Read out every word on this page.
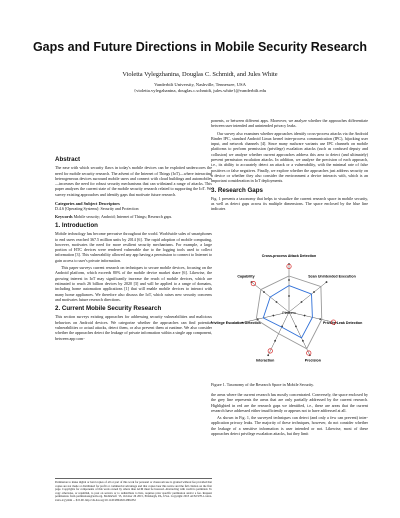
Gaps and Future Directions in Mobile Security Research
Violetta Vylegzhanina, Douglas C. Schmidt, and Jules White
Vanderbilt University, Nashville, Tennessee, USA
{violetta.vylegzhanina, douglas.c.schmidt, jules.white}@vanderbilt.edu
Abstract

The ease with which security flaws in today's mobile devices can be exploited underscores the need for mobile security research. The advent of the Internet of Things (IoT)—where interacting heterogeneous devices surround mobile users and connect with cloud buildings and automobiles—increases the need for robust security mechanisms that can withstand a range of attacks. This paper analyzes the current state of the mobile security research related to supporting the IoT. We survey existing approaches and identify gaps that motivate future research.

Categories and Subject Descriptors

D.4.6 [Operating Systems]: Security and Protection

Keywords Mobile security; Android; Internet of Things; Research gaps.

1. Introduction

Mobile technology has become pervasive throughout the world. Worldwide sales of smartphones to end users reached 367.5 million units by 2014 [6]. The rapid adoption of mobile computing, however, motivates the need for more resilient security mechanisms. For example, a large portion of HTC devices were rendered vulnerable due to the logging tools used to collect information [3]. This vulnerability allowed any app having a permission to connect to Internet to gain access to user's private information.

This paper surveys current research on techniques to secure mobile devices, focusing on the Android platform, which exceeds 80% of the mobile device market share [6]. Likewise, the growing interest in IoT may significantly increase the reach of mobile devices, which are estimated to reach 26 billion devices by 2020 [3] and will be applied to a range of domains, including home automation applications [1] that will enable mobile devices to interact with many home appliances. We therefore also discuss the IoT, which raises new security concerns and motivates future research directions.

2. Current Mobile Security Research

This section surveys existing approaches for addressing security vulnerabilities and malicious behaviors on Android devices. We categorize whether the approaches can find potential vulnerabilities or actual attacks, detect them, or also prevent them at runtime. We also consider whether the approaches detect the leakage of private information within a single app component, between app com-

Permission to make digital or hard copies of all or part of this work for personal or classroom use is granted without fee provided that copies are not made or distributed for profit or commercial advantage and that copies bear this notice and the full citation on the first page. Copyrights for components of this work owned by others than ACM must be honored. Abstracting with credit is permitted. To copy otherwise, or republish, to post on servers or to redistribute to lists, requires prior specific permission and/or a fee. Request permissions from permissions@acm.org. MobileSoft '15, October 26 2015, Pittsburgh, PA, USA. Copyright 2015 ACM 978-1-xxxx-xxxx-x/yy/mm ... $15.00. http://dx.doi.org/10.1145/2804345.2804352

ponents, or between different apps. Moreover, we analyze whether the approaches differentiate between user intended and unintended privacy leaks.

Our survey also examines whether approaches identify cross-process attacks via the Android Binder IPC, standard Android Linux kernel inter-process communication (IPC), hijacking user input, and network channels [4]. Since many malware variants use IPC channels on mobile platforms to perform permission (privilege) escalation attacks (such as confused deputy and collusion) we analyze whether current approaches address this area to detect (and ultimately) prevent permission escalation attacks. In addition, we analyze the precision of each approach, i.e., its ability to accurately detect an attack or a vulnerability, with the minimal rate of false positives or false negatives. Finally, we explore whether the approaches just address security on a device or whether they also consider the environment a device interacts with, which is an important consideration in IoT deployments.

3. Research Gaps

Fig. 1 presents a taxonomy that helps to visualize the current research space in mobile security, as well as detect gaps across its multiple dimensions. The space enclosed by the blue line indicates

Cross-process Attack Detection
Scan Unintended Execution
Privacy Leak Detection
Precision
Interaction
Privilege Escalation Detection
Capability
Platform
Figure 1. Taxonomy of the Research Space in Mobile Security.

the areas where the current research has mostly concentrated. Conversely, the space enclosed by the grey line represents the areas that are only partially addressed by the current research. Highlighted in red are the research gaps we identified, i.e., these are areas that the current research have addressed either insufficiently or appears not to have addressed at all.

As shown in Fig. 1, the surveyed techniques can detect (and only a few can prevent) inter-application privacy leaks. The majority of these techniques, however, do not consider whether the leakage of a sensitive information is user intended or not. Likewise, most of these approaches detect privilege escalation attacks, but they limit
